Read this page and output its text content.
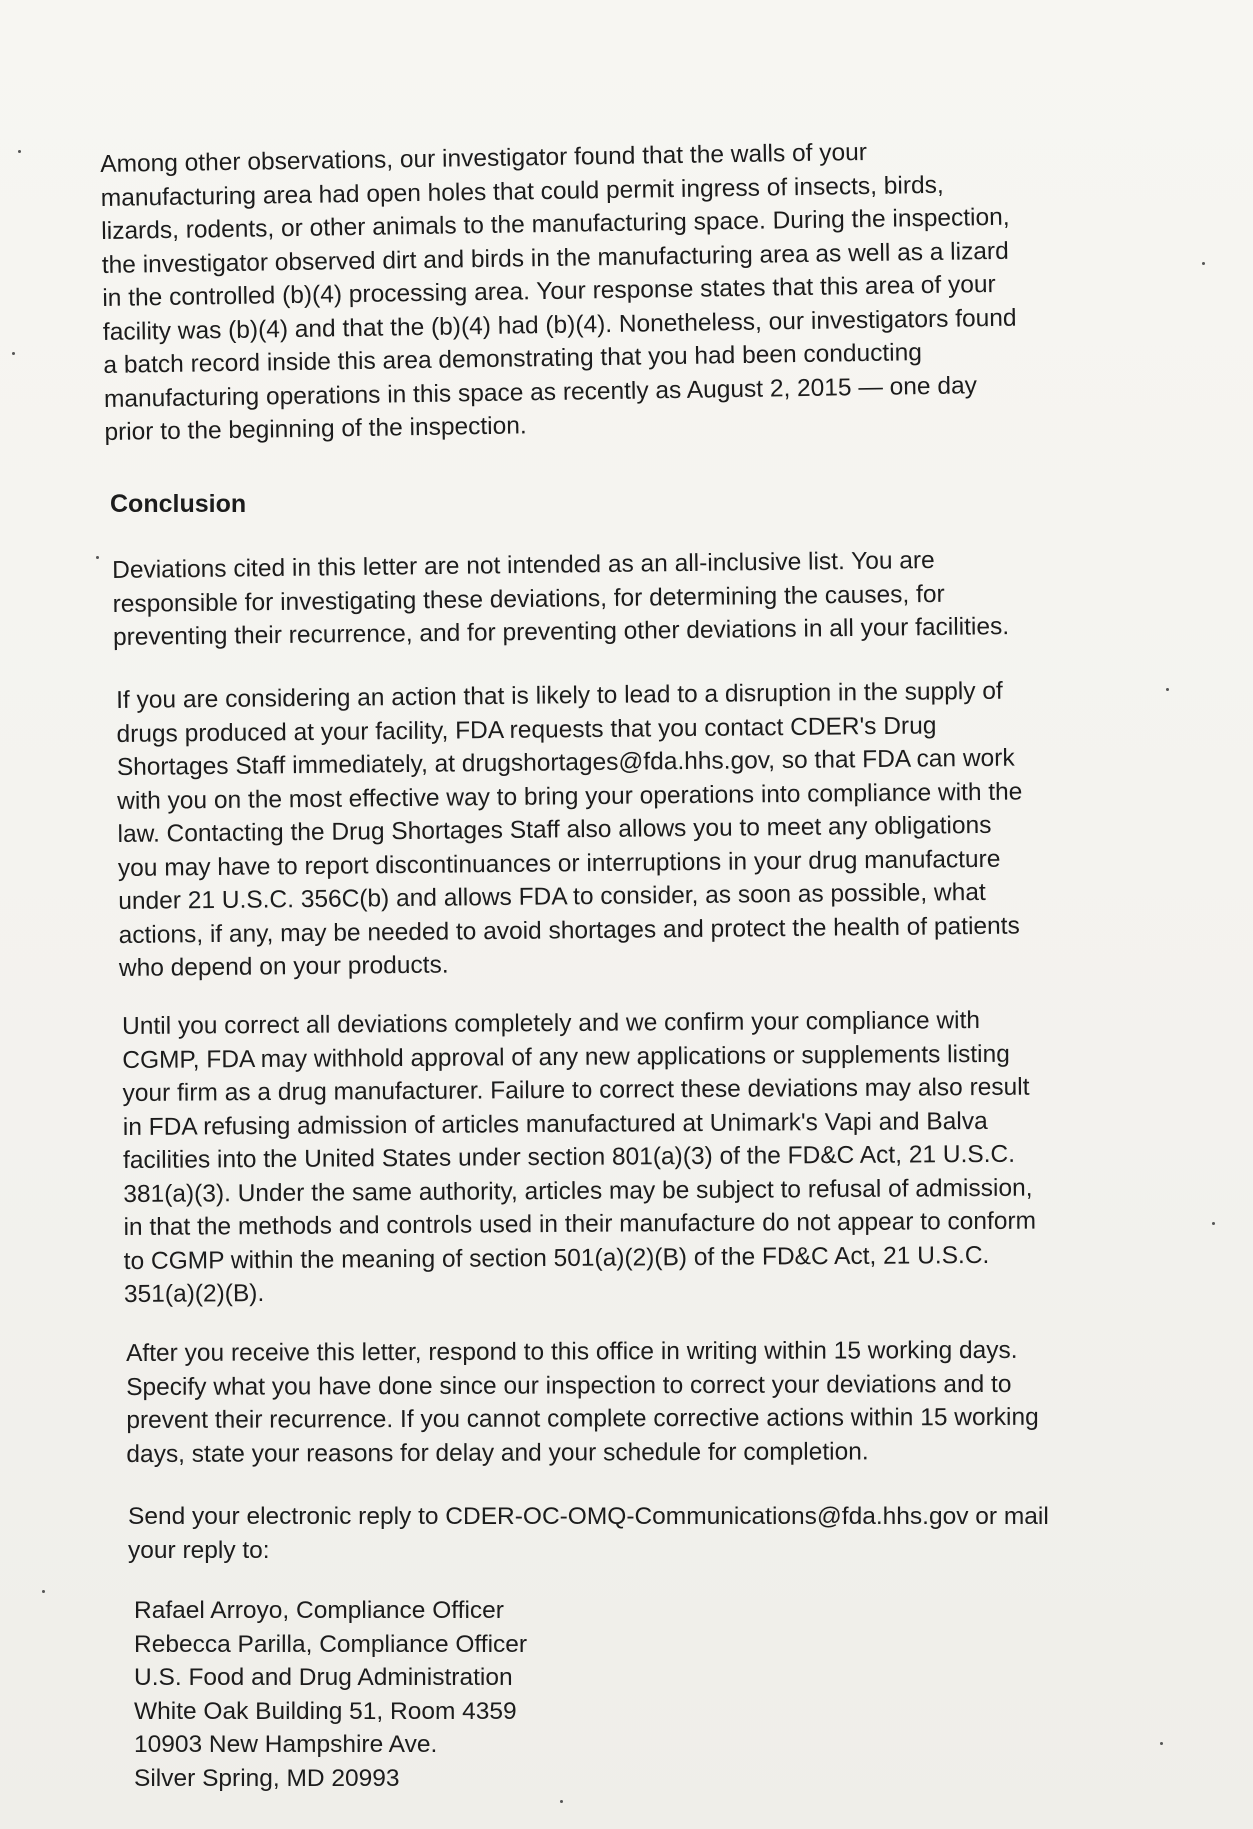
Among other observations, our investigator found that the walls of your
manufacturing area had open holes that could permit ingress of insects, birds,
lizards, rodents, or other animals to the manufacturing space. During the inspection,
the investigator observed dirt and birds in the manufacturing area as well as a lizard
in the controlled (b)(4) processing area. Your response states that this area of your
facility was (b)(4) and that the (b)(4) had (b)(4). Nonetheless, our investigators found
a batch record inside this area demonstrating that you had been conducting
manufacturing operations in this space as recently as August 2, 2015 — one day
prior to the beginning of the inspection.
Conclusion
Deviations cited in this letter are not intended as an all-inclusive list. You are
responsible for investigating these deviations, for determining the causes, for
preventing their recurrence, and for preventing other deviations in all your facilities.
If you are considering an action that is likely to lead to a disruption in the supply of
drugs produced at your facility, FDA requests that you contact CDER's Drug
Shortages Staff immediately, at drugshortages@fda.hhs.gov, so that FDA can work
with you on the most effective way to bring your operations into compliance with the
law. Contacting the Drug Shortages Staff also allows you to meet any obligations
you may have to report discontinuances or interruptions in your drug manufacture
under 21 U.S.C. 356C(b) and allows FDA to consider, as soon as possible, what
actions, if any, may be needed to avoid shortages and protect the health of patients
who depend on your products.
Until you correct all deviations completely and we confirm your compliance with
CGMP, FDA may withhold approval of any new applications or supplements listing
your firm as a drug manufacturer. Failure to correct these deviations may also result
in FDA refusing admission of articles manufactured at Unimark's Vapi and Balva
facilities into the United States under section 801(a)(3) of the FD&C Act, 21 U.S.C.
381(a)(3). Under the same authority, articles may be subject to refusal of admission,
in that the methods and controls used in their manufacture do not appear to conform
to CGMP within the meaning of section 501(a)(2)(B) of the FD&C Act, 21 U.S.C.
351(a)(2)(B).
After you receive this letter, respond to this office in writing within 15 working days.
Specify what you have done since our inspection to correct your deviations and to
prevent their recurrence. If you cannot complete corrective actions within 15 working
days, state your reasons for delay and your schedule for completion.
Send your electronic reply to CDER-OC-OMQ-Communications@fda.hhs.gov or mail
your reply to:
Rafael Arroyo, Compliance Officer
Rebecca Parilla, Compliance Officer
U.S. Food and Drug Administration
White Oak Building 51, Room 4359
10903 New Hampshire Ave.
Silver Spring, MD 20993
